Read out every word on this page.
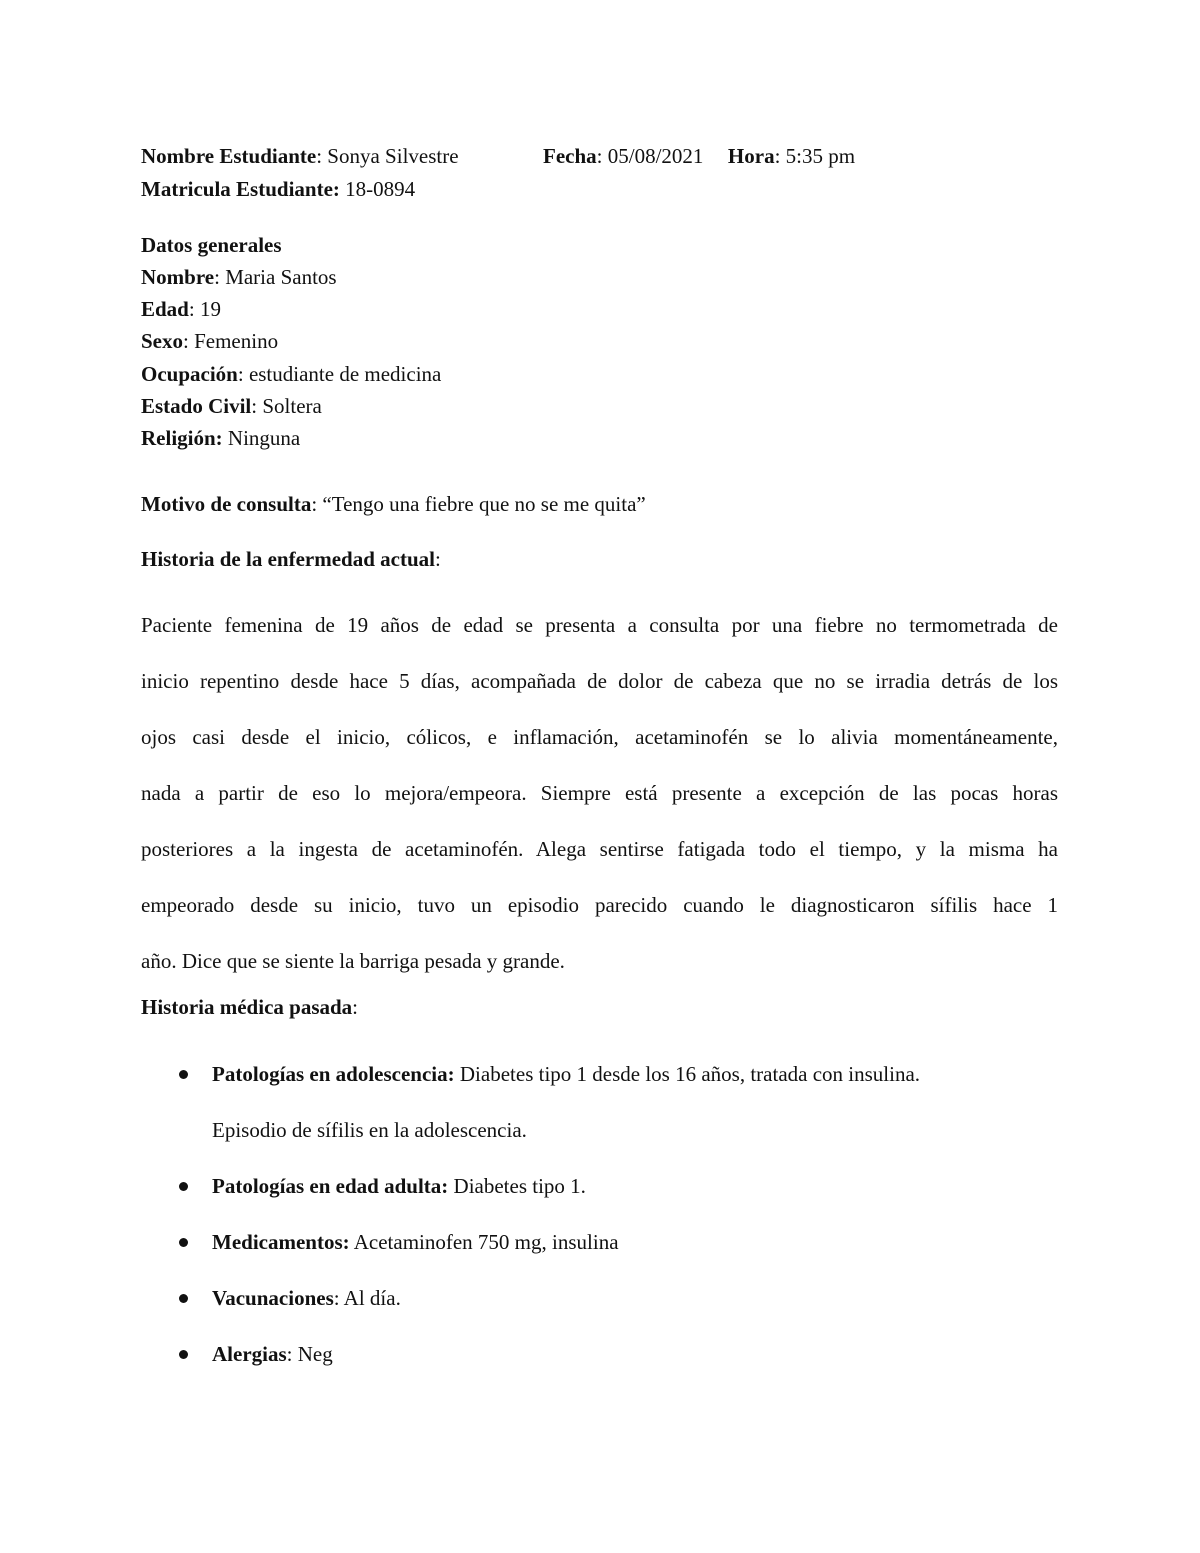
Nombre Estudiante: Sonya Silvestre	Fecha: 05/08/2021 Hora: 5:35 pm
Matricula Estudiante: 18-0894
Datos generales
Nombre: Maria Santos
Edad: 19
Sexo: Femenino
Ocupación: estudiante de medicina
Estado Civil: Soltera
Religión: Ninguna
Motivo de consulta: “Tengo una fiebre que no se me quita”
Historia de la enfermedad actual:

Paciente femenina de 19 años de edad se presenta a consulta por una fiebre no termometrada de

inicio repentino desde hace 5 días, acompañada de dolor de cabeza que no se irradia detrás de los

ojos casi desde el inicio, cólicos, e inflamación, acetaminofén se lo alivia momentáneamente,

nada a partir de eso lo mejora/empeora. Siempre está presente a excepción de las pocas horas

posteriores a la ingesta de acetaminofén. Alega sentirse fatigada todo el tiempo, y la misma ha

empeorado desde su inicio, tuvo un episodio parecido cuando le diagnosticaron sífilis hace 1

año. Dice que se siente la barriga pesada y grande.

Historia médica pasada:
Patologías en adolescencia: Diabetes tipo 1 desde los 16 años, tratada con insulina.
Episodio de sífilis en la adolescencia.
Patologías en edad adulta: Diabetes tipo 1.
Medicamentos: Acetaminofen 750 mg, insulina
Vacunaciones: Al día.
Alergias: Neg
